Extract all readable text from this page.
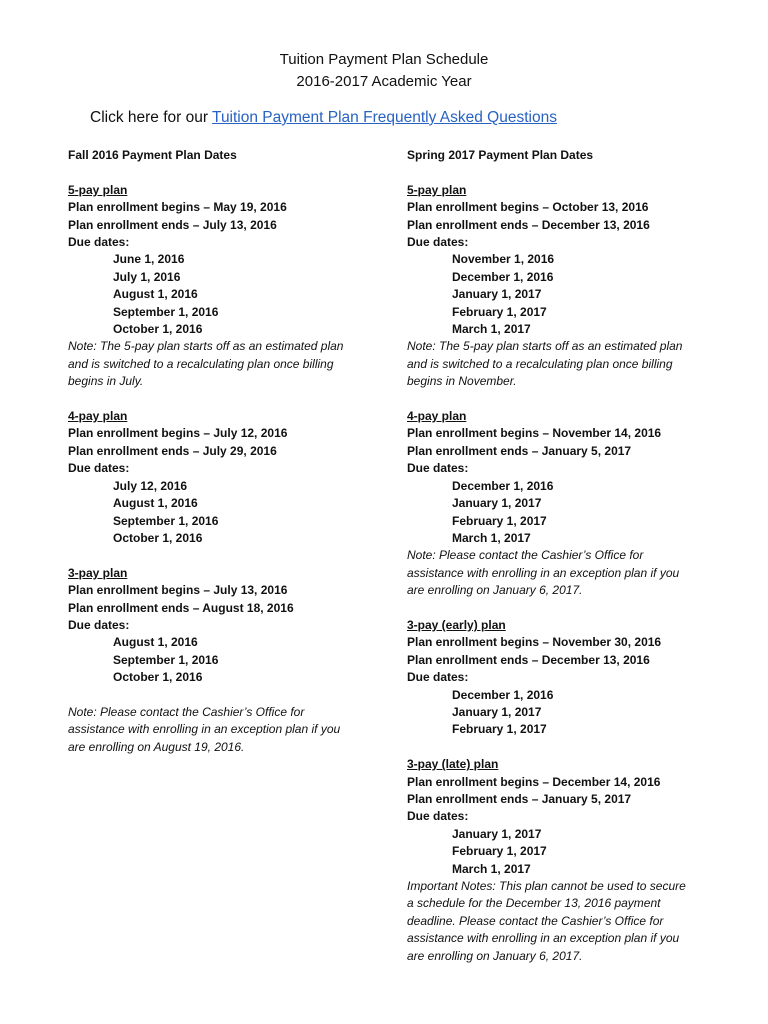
Tuition Payment Plan Schedule
2016-2017 Academic Year
Click here for our Tuition Payment Plan Frequently Asked Questions
Fall 2016 Payment Plan Dates
5-pay plan
Plan enrollment begins – May 19, 2016
Plan enrollment ends – July 13, 2016
Due dates:
June 1, 2016
July 1, 2016
August 1, 2016
September 1, 2016
October 1, 2016
Note: The 5-pay plan starts off as an estimated plan
and is switched to a recalculating plan once billing
begins in July.
4-pay plan
Plan enrollment begins – July 12, 2016
Plan enrollment ends – July 29, 2016
Due dates:
July 12, 2016
August 1, 2016
September 1, 2016
October 1, 2016
3-pay plan
Plan enrollment begins – July 13, 2016
Plan enrollment ends – August 18, 2016
Due dates:
August 1, 2016
September 1, 2016
October 1, 2016
Note: Please contact the Cashier’s Office for
assistance with enrolling in an exception plan if you
are enrolling on August 19, 2016.
Spring 2017 Payment Plan Dates
5-pay plan
Plan enrollment begins – October 13, 2016
Plan enrollment ends – December 13, 2016
Due dates:
November 1, 2016
December 1, 2016
January 1, 2017
February 1, 2017
March 1, 2017
Note: The 5-pay plan starts off as an estimated plan
and is switched to a recalculating plan once billing
begins in November.
4-pay plan
Plan enrollment begins – November 14, 2016
Plan enrollment ends – January 5, 2017
Due dates:
December 1, 2016
January 1, 2017
February 1, 2017
March 1, 2017
Note: Please contact the Cashier’s Office for
assistance with enrolling in an exception plan if you
are enrolling on January 6, 2017.
3-pay (early) plan
Plan enrollment begins – November 30, 2016
Plan enrollment ends – December 13, 2016
Due dates:
December 1, 2016
January 1, 2017
February 1, 2017
3-pay (late) plan
Plan enrollment begins – December 14, 2016
Plan enrollment ends – January 5, 2017
Due dates:
January 1, 2017
February 1, 2017
March 1, 2017
Important Notes: This plan cannot be used to secure
a schedule for the December 13, 2016 payment
deadline. Please contact the Cashier’s Office for
assistance with enrolling in an exception plan if you
are enrolling on January 6, 2017.
